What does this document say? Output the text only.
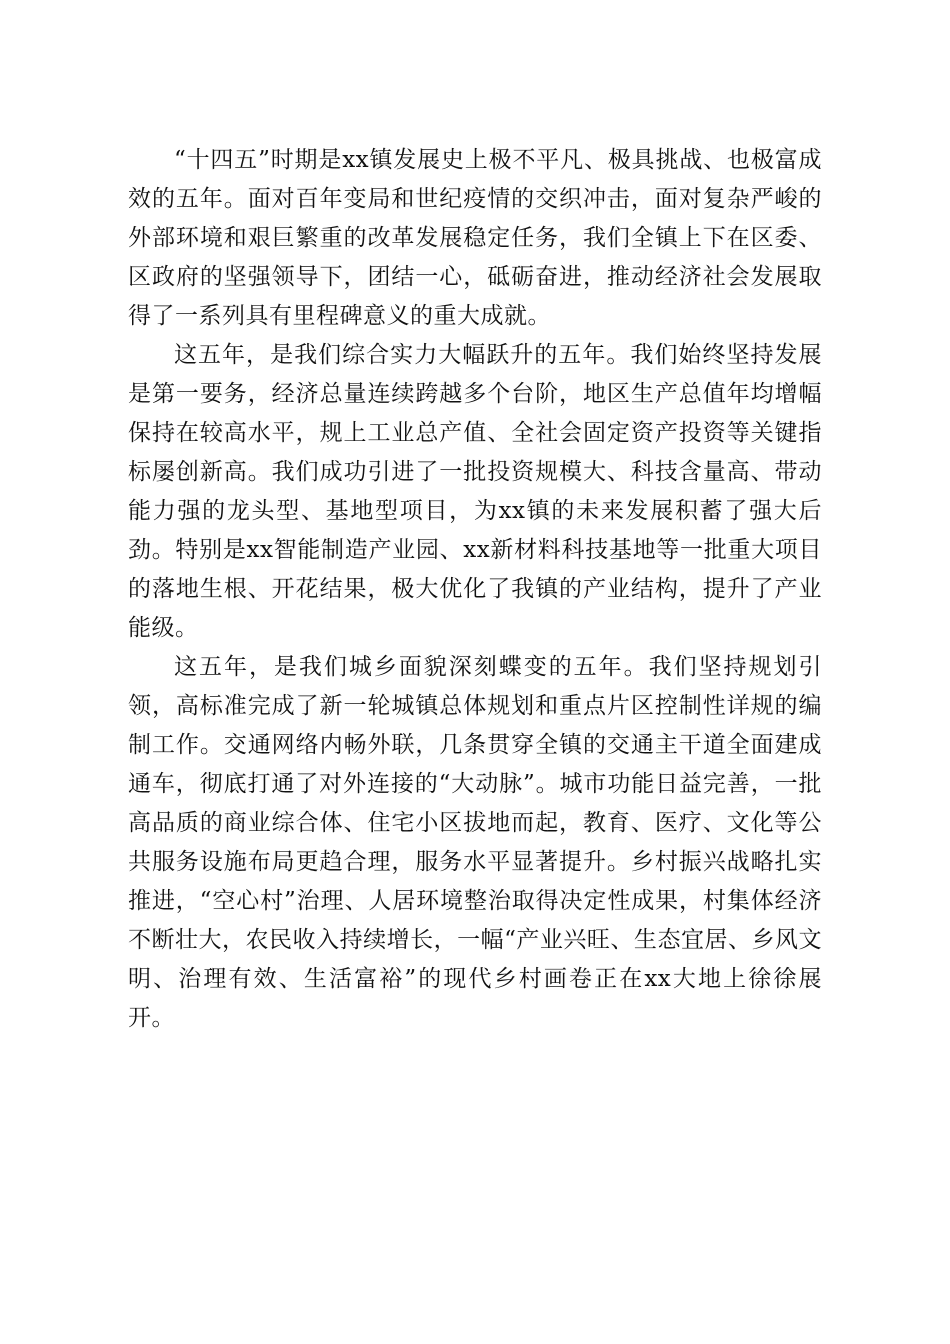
“十四五”时期是xx镇发展史上极不平凡、极具挑战、也极富成效的五年。面对百年变局和世纪疫情的交织冲击，面对复杂严峻的外部环境和艰巨繁重的改革发展稳定任务，我们全镇上下在区委、区政府的坚强领导下，团结一心，砥砺奋进，推动经济社会发展取得了一系列具有里程碑意义的重大成就。

这五年，是我们综合实力大幅跃升的五年。我们始终坚持发展是第一要务，经济总量连续跨越多个台阶，地区生产总值年均增幅保持在较高水平，规上工业总产值、全社会固定资产投资等关键指标屡创新高。我们成功引进了一批投资规模大、科技含量高、带动能力强的龙头型、基地型项目，为xx镇的未来发展积蓄了强大后劲。特别是xx智能制造产业园、xx新材料科技基地等一批重大项目的落地生根、开花结果，极大优化了我镇的产业结构，提升了产业能级。

这五年，是我们城乡面貌深刻蝶变的五年。我们坚持规划引领，高标准完成了新一轮城镇总体规划和重点片区控制性详规的编制工作。交通网络内畅外联，几条贯穿全镇的交通主干道全面建成通车，彻底打通了对外连接的“大动脉”。城市功能日益完善，一批高品质的商业综合体、住宅小区拔地而起，教育、医疗、文化等公共服务设施布局更趋合理，服务水平显著提升。乡村振兴战略扎实推进，“空心村”治理、人居环境整治取得决定性成果，村集体经济不断壮大，农民收入持续增长，一幅“产业兴旺、生态宜居、乡风文明、治理有效、生活富裕”的现代乡村画卷正在xx大地上徐徐展开。
